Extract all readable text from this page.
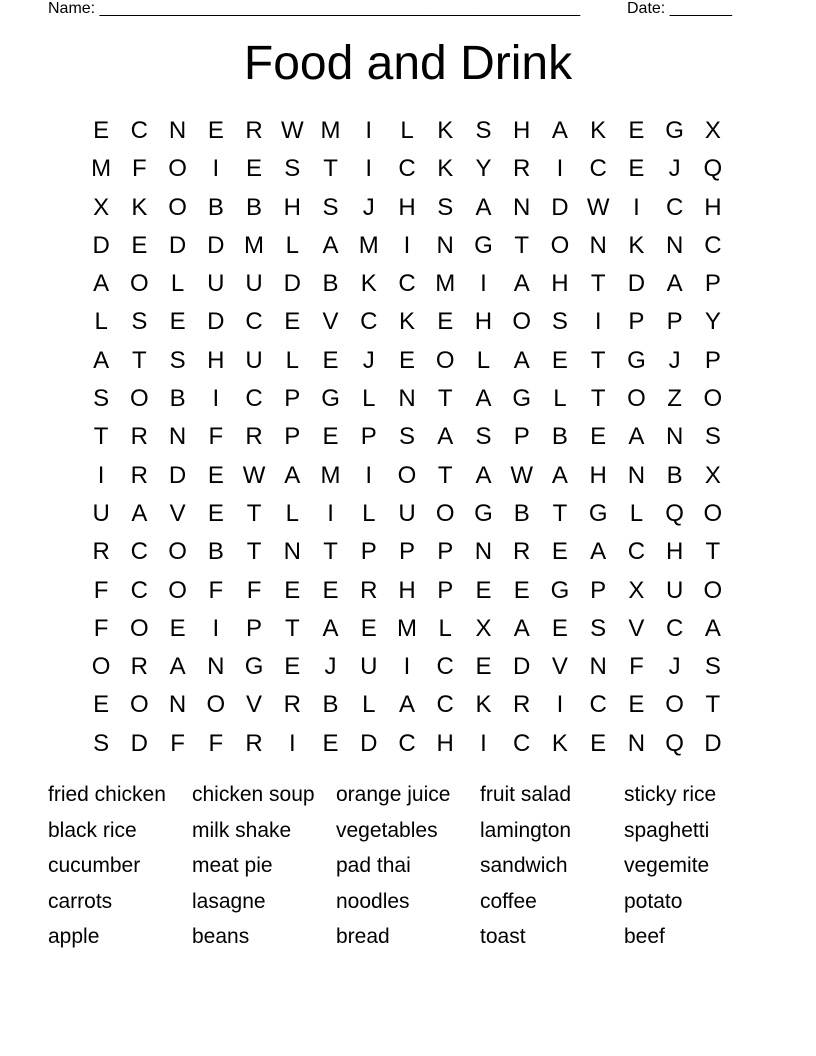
Name: ______________________________________________________	Date: _______
Food and Drink
E C N E R W M	I	L K S H A K E G X
M F O	I	E S T	I	C K Y R	I	C E	J Q
X K O B B H S	J H S A N D W I	C H
D E D D M L A M	I	N G T O N K N C
A O L U U D B K C M	I	A H T D A P
L S E D C E V C K E H O S	I	P P Y
A T S H U L E	J	E O L A E T G J	P
S O B	I	C P G L N T A G L	T O Z O
T R N F R P E P S A S P B E A N S
I	R D E W A M	I	O T A W A H N B X
U A V E T	L	I	L U O G B T G L Q O
R C O B T N T P P P N R E A C H T
F C O F F E E R H P E E G P X U O
F O E	I	P T A E M L X A E S V C A
O R A N G E	J U	I	C E D V N F	J	S
E O N O V R B L A C K R	I	C E O T
S D F F R	I	E D C H	I	C K E N Q D
fried chicken	chicken soup	orange juice	fruit salad	sticky rice
black rice	milk shake	vegetables	lamington	spaghetti
cucumber	meat pie	pad thai	sandwich	vegemite
carrots	lasagne	noodles	coffee	potato
apple	beans	bread	toast	beef
